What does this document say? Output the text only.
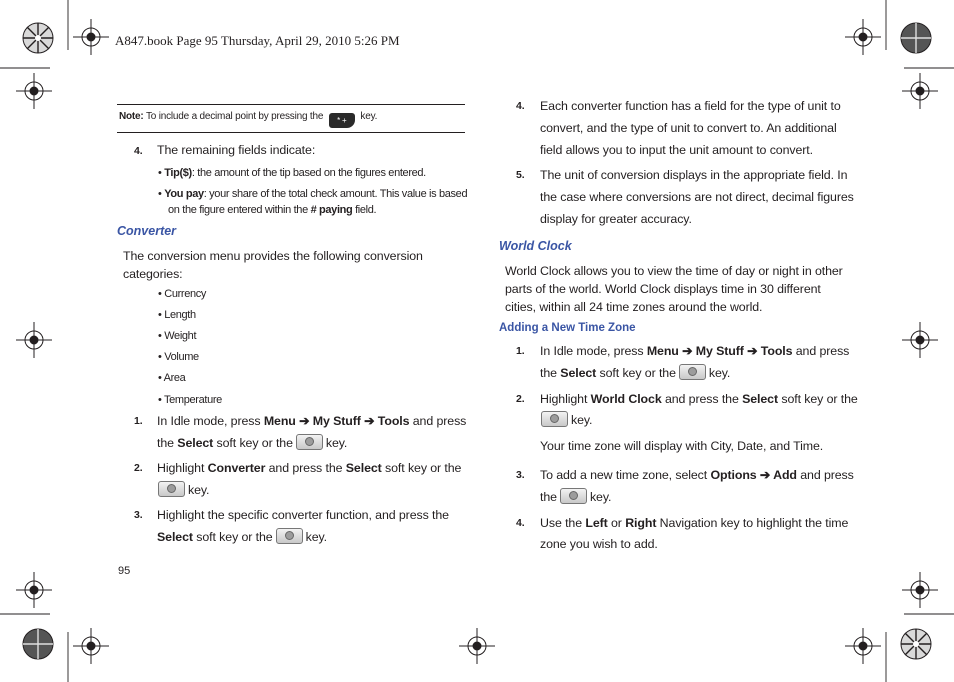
A847.book Page 95 Thursday, April 29, 2010 5:26 PM
Note: To include a decimal point by pressing the * + key.
4. The remaining fields indicate:
• Tip($): the amount of the tip based on the figures entered.
• You pay: your share of the total check amount. This value is based
on the figure entered within the # paying field.
Converter
The conversion menu provides the following conversion
categories:
• Currency
• Length
• Weight
• Volume
• Area
• Temperature
1. In Idle mode, press Menu ➔ My Stuff ➔ Tools and press
the Select soft key or the	key.
2. Highlight Converter and press the Select soft key or the
key.
3. Highlight the specific converter function, and press the
Select soft key or the	key.
95
4. Each converter function has a field for the type of unit to
convert, and the type of unit to convert to. An additional
field allows you to input the unit amount to convert.
5. The unit of conversion displays in the appropriate field. In
the case where conversions are not direct, decimal figures
display for greater accuracy.
World Clock
World Clock allows you to view the time of day or night in other
parts of the world. World Clock displays time in 30 different
cities, within all 24 time zones around the world.
Adding a New Time Zone
1. In Idle mode, press Menu ➔ My Stuff ➔ Tools and press
the Select soft key or the	key.
2. Highlight World Clock and press the Select soft key or the
key.
Your time zone will display with City, Date, and Time.
3. To add a new time zone, select Options ➔ Add and press
the	key.
4. Use the Left or Right Navigation key to highlight the time
zone you wish to add.
